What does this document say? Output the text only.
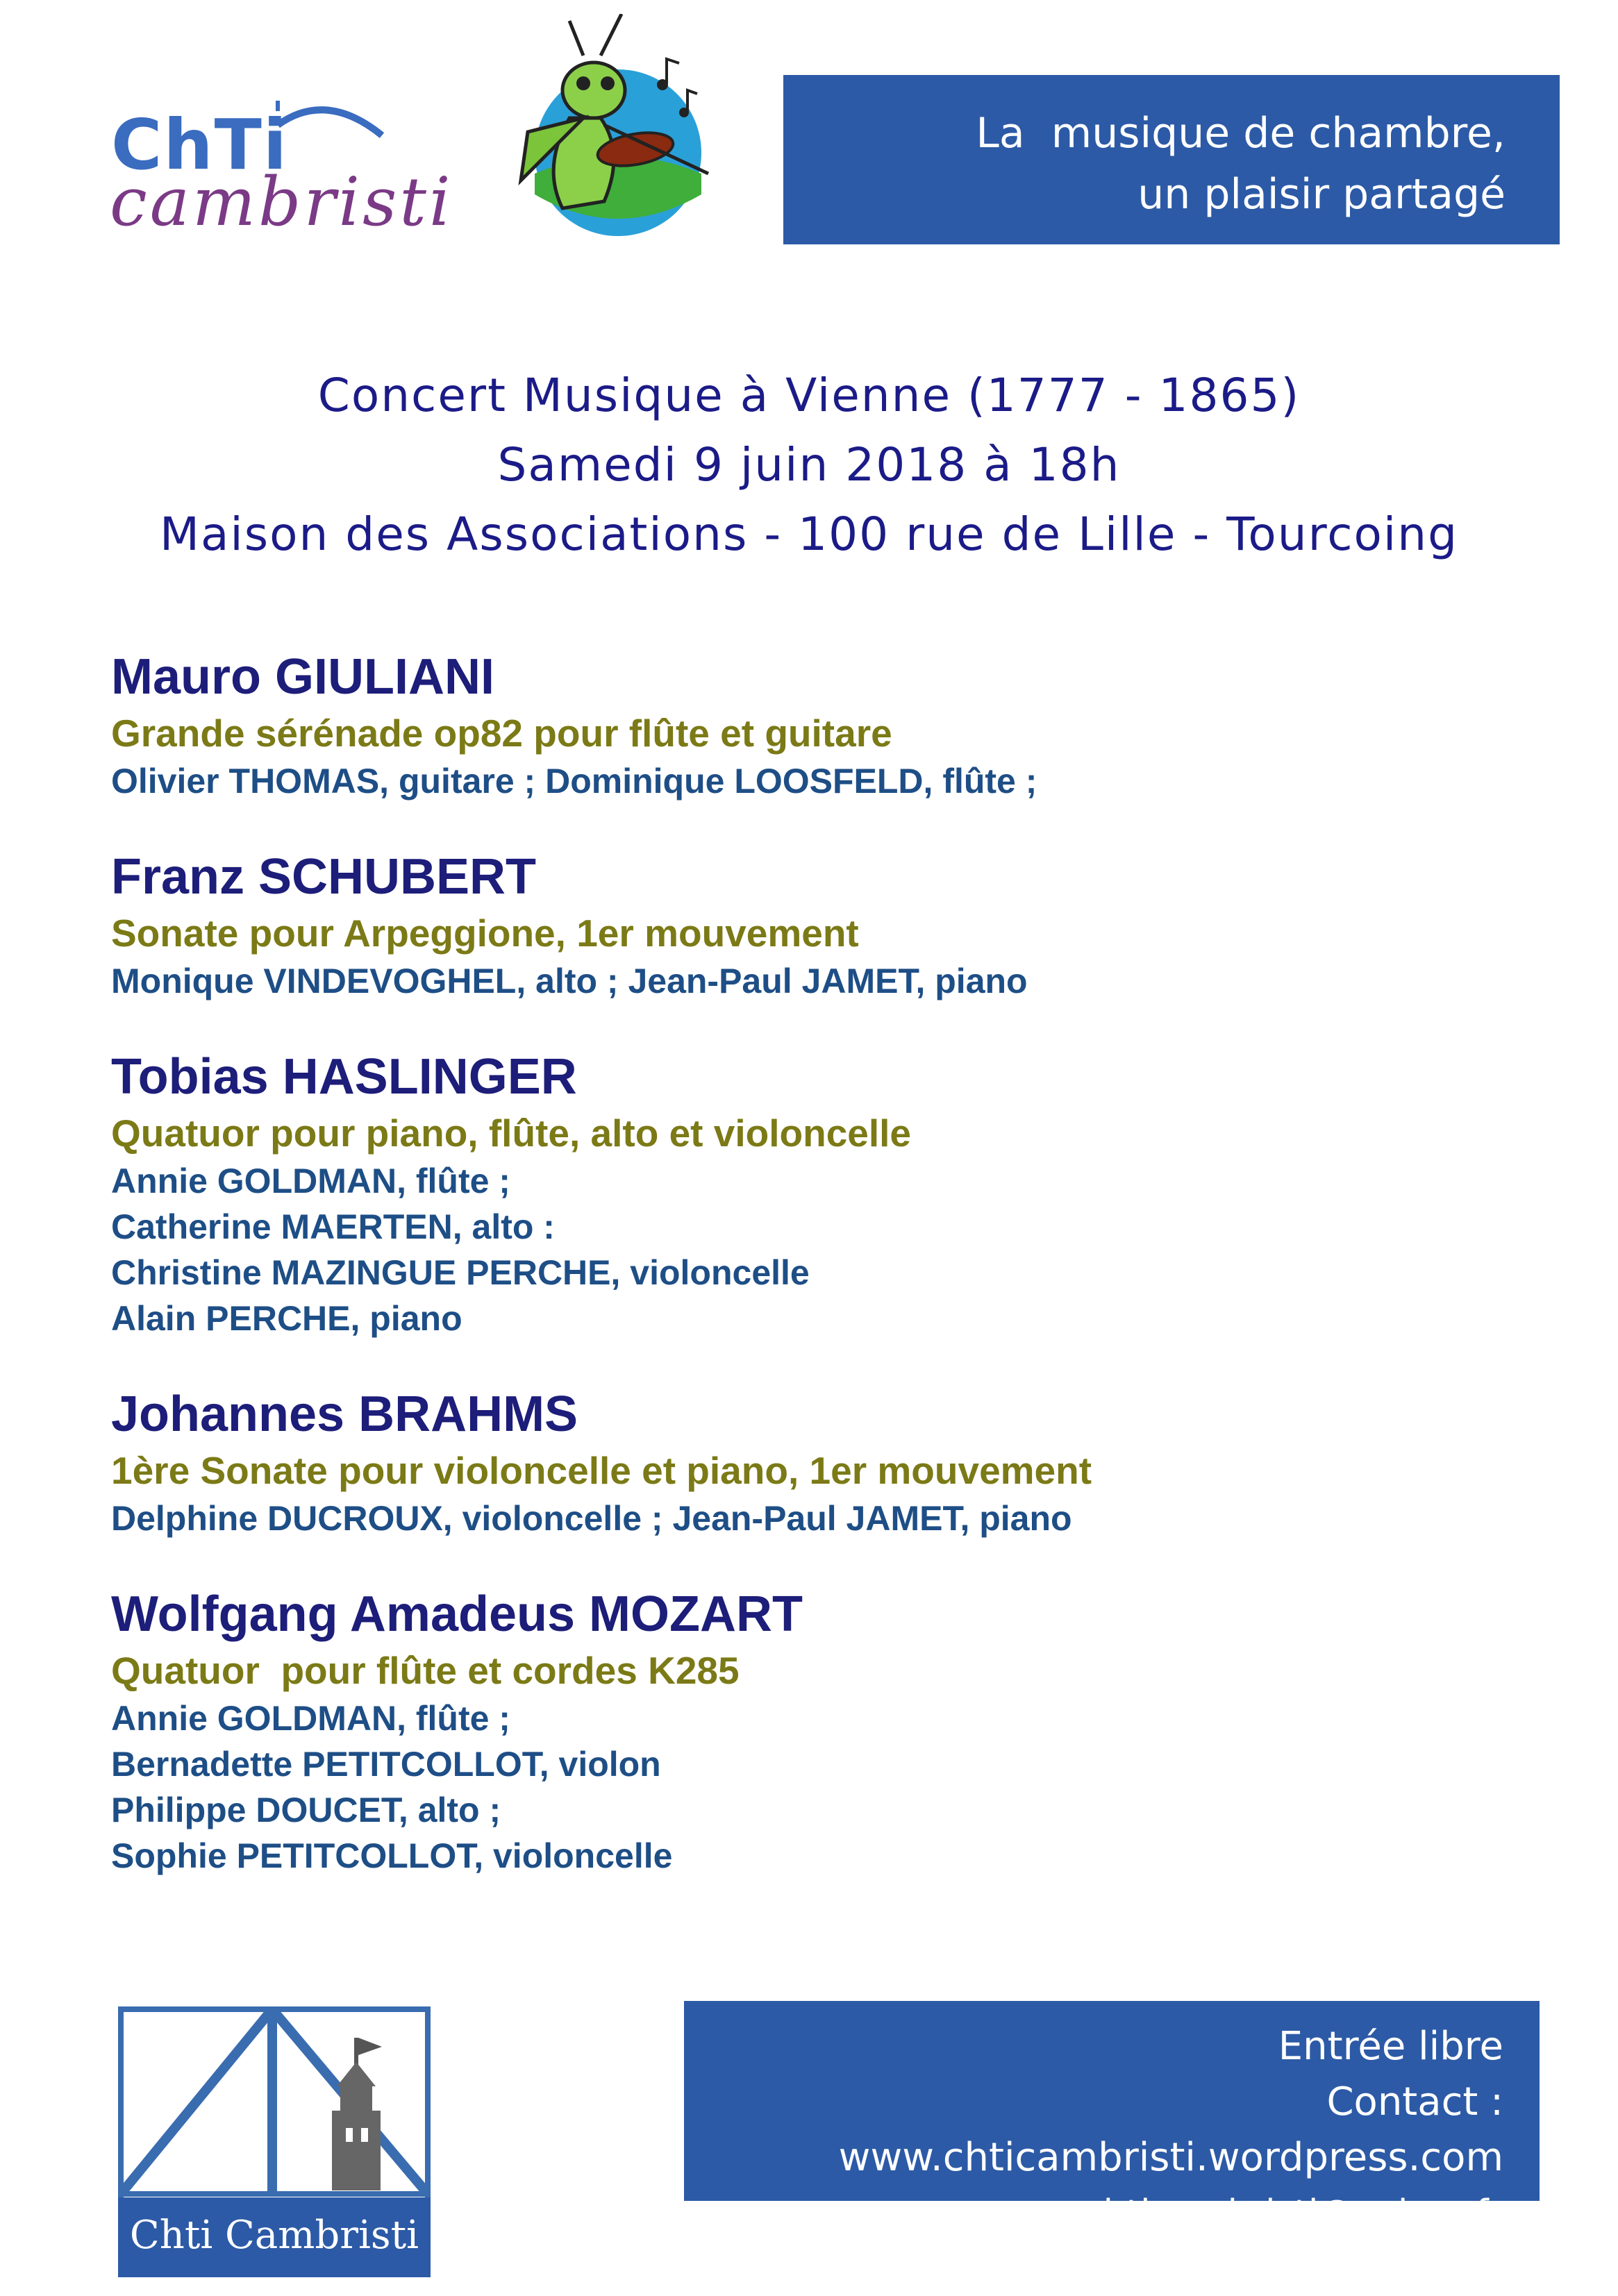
ChTi
cambristi
La  musique de chambre,
un plaisir partagé
Concert Musique à Vienne (1777 - 1865)
Samedi 9 juin 2018 à 18h
Maison des Associations - 100 rue de Lille - Tourcoing
Mauro GIULIANI
Grande sérénade op82 pour flûte et guitare
Olivier THOMAS, guitare ; Dominique LOOSFELD, flûte ;
Franz SCHUBERT
Sonate pour Arpeggione, 1er mouvement
Monique VINDEVOGHEL, alto ; Jean-Paul JAMET, piano
Tobias HASLINGER
Quatuor pour piano, flûte, alto et violoncelle
Annie GOLDMAN, flûte ;
Catherine MAERTEN, alto :
Christine MAZINGUE PERCHE, violoncelle
Alain PERCHE, piano
Johannes BRAHMS
1ère Sonate pour violoncelle et piano, 1er mouvement
Delphine DUCROUX, violoncelle ; Jean-Paul JAMET, piano
Wolfgang Amadeus MOZART
Quatuor  pour flûte et cordes K285
Annie GOLDMAN, flûte ;
Bernadette PETITCOLLOT, violon
Philippe DOUCET, alto ;
Sophie PETITCOLLOT, violoncelle
Chti Cambristi
Entrée libre
Contact : www.chticambristi.wordpress.com
chticambristi@yahoo.fr
